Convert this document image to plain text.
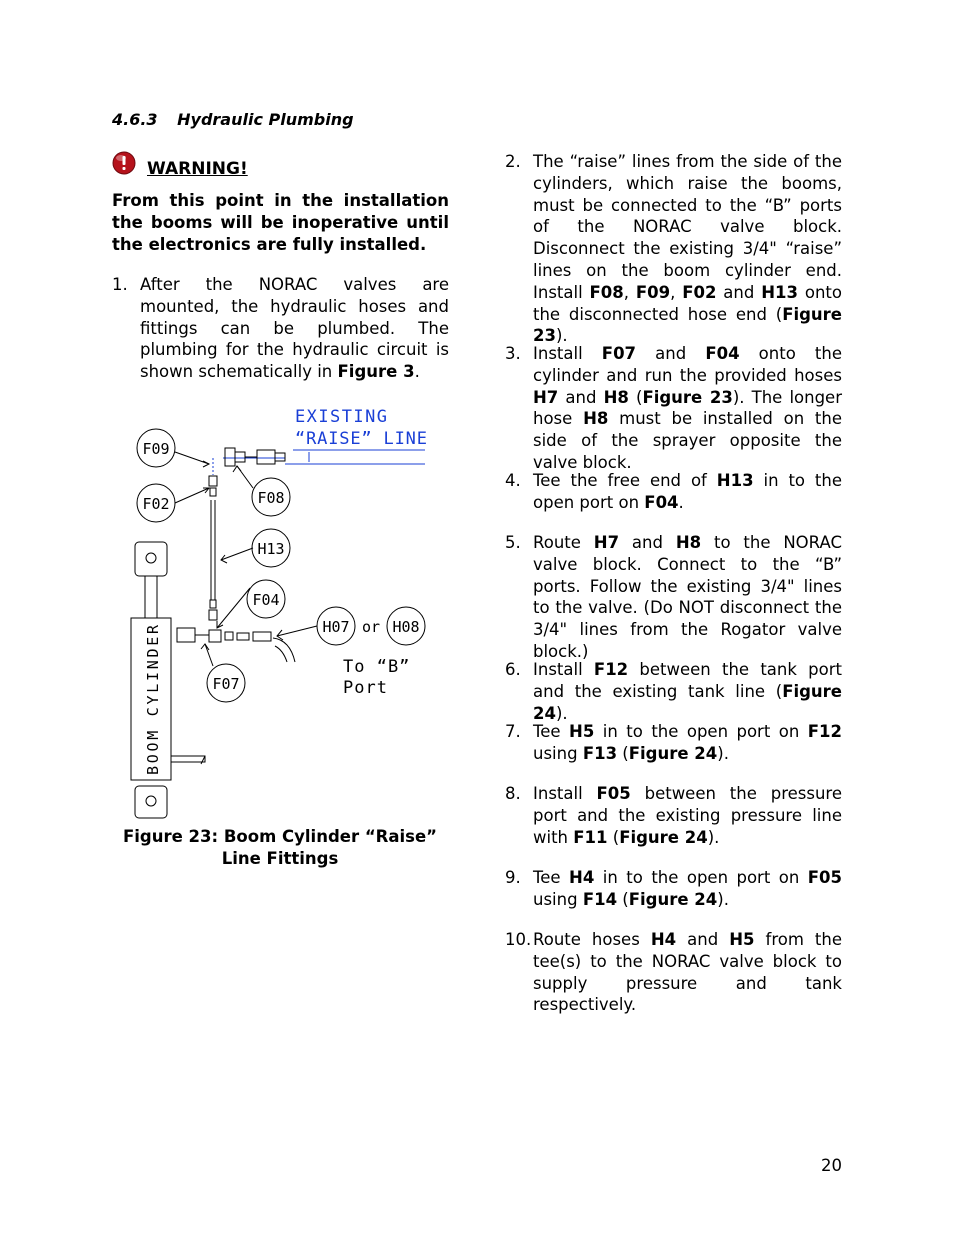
4.6.3 Hydraulic Plumbing
WARNING!
From this point in the installation the booms will be inoperative until the electronics are fully installed.
1. After the NORAC valves are mounted, the hydraulic hoses and fittings can be plumbed. The plumbing for the hydraulic circuit is shown schematically in Figure 3.
EXISTING
“RAISE” LINE
BOOM CYLINDER
F09
F02	F08
H13
F04
F07
H07 or H08
To “B”
Port
Figure 23: Boom Cylinder “Raise” Line Fittings
2. The “raise” lines from the side of the cylinders, which raise the booms, must be connected to the “B” ports of the NORAC valve block. Disconnect the existing 3/4" “raise” lines on the boom cylinder end. Install F08, F09, F02 and H13 onto the disconnected hose end (Figure 23).
3. Install F07 and F04 onto the cylinder and run the provided hoses H7 and H8 (Figure 23). The longer hose H8 must be installed on the side of the sprayer opposite the valve block.
4. Tee the free end of H13 in to the open port on F04.
5. Route H7 and H8 to the NORAC valve block. Connect to the “B” ports. Follow the existing 3/4" lines to the valve. (Do NOT disconnect the 3/4" lines from the Rogator valve block.)
6. Install F12 between the tank port and the existing tank line (Figure 24).
7. Tee H5 in to the open port on F12 using F13 (Figure 24).
8. Install F05 between the pressure port and the existing pressure line with F11 (Figure 24).
9. Tee H4 in to the open port on F05 using F14 (Figure 24).
10. Route hoses H4 and H5 from the tee(s) to the NORAC valve block to supply pressure and tank respectively.
20
